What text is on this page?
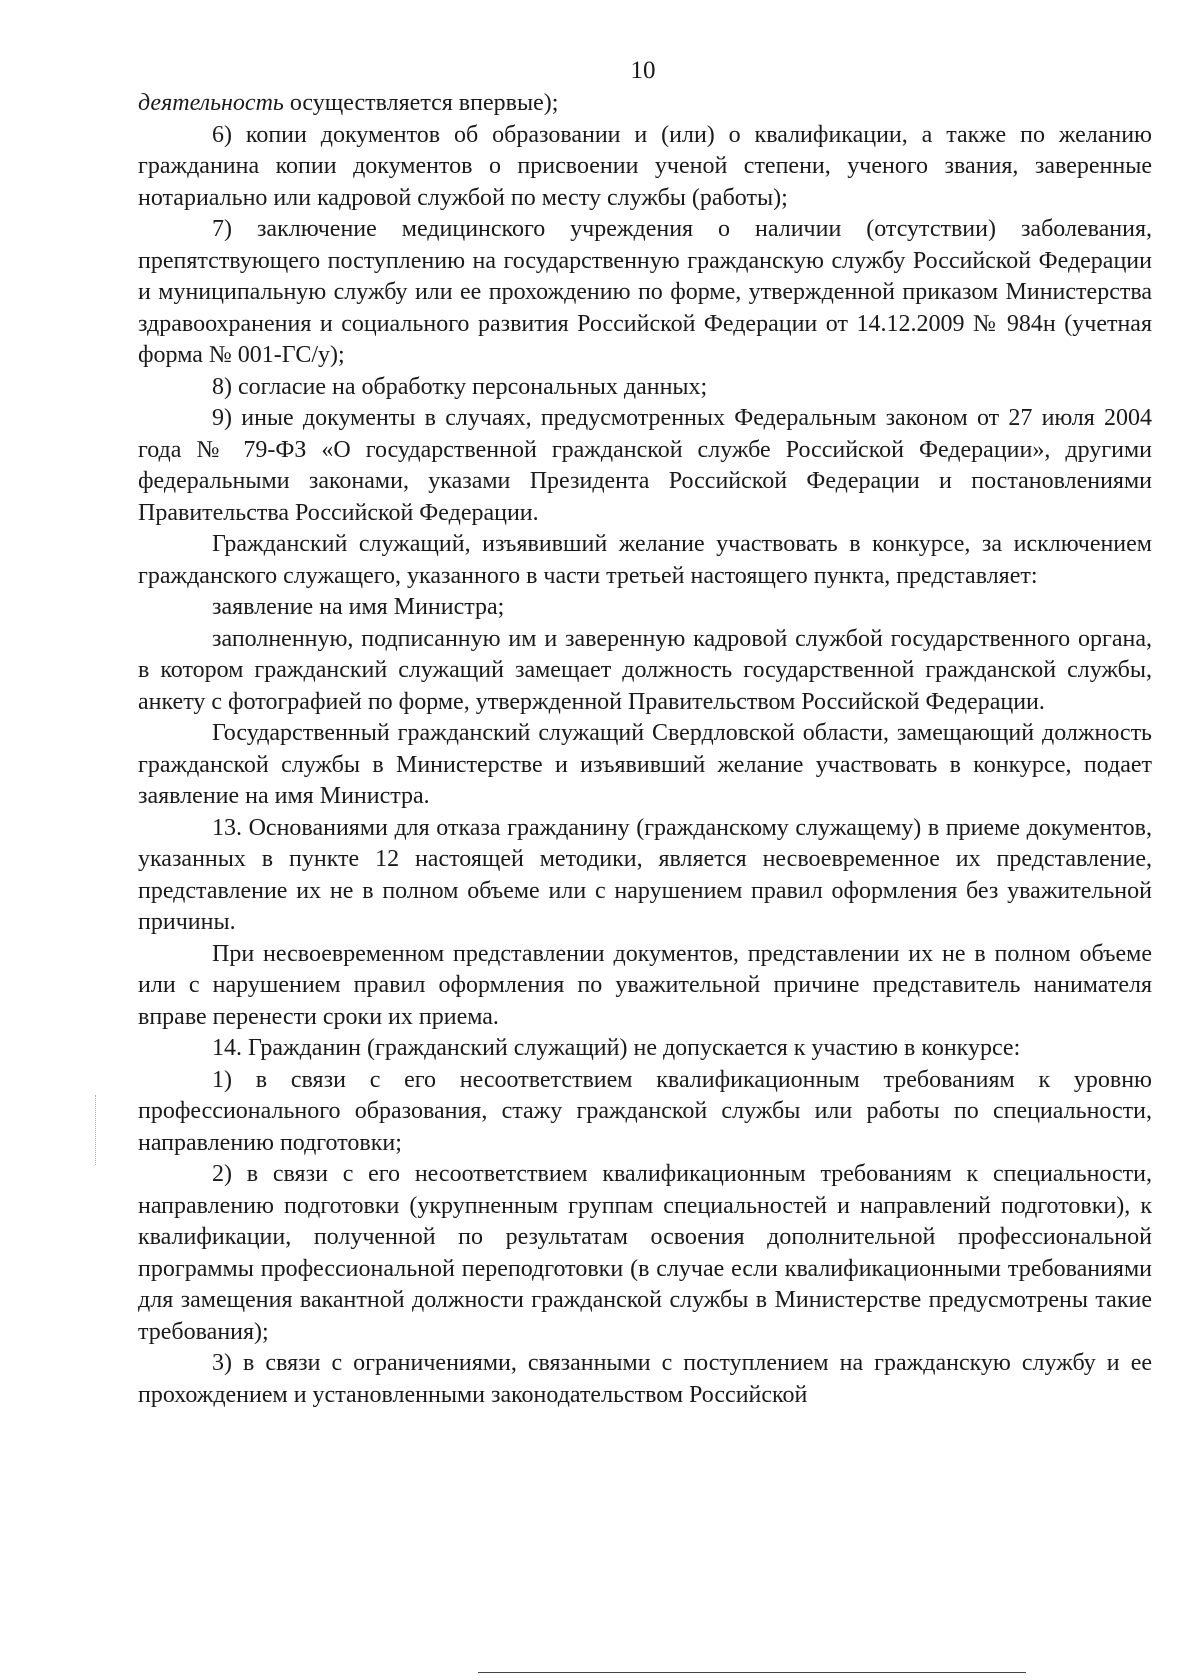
10

деятельность осуществляется впервые);

6) копии документов об образовании и (или) о квалификации, а также по желанию гражданина копии документов о присвоении ученой степени, ученого звания, заверенные нотариально или кадровой службой по месту службы (работы);

7) заключение медицинского учреждения о наличии (отсутствии) заболевания, препятствующего поступлению на государственную гражданскую службу Российской Федерации и муниципальную службу или ее прохождению по форме, утвержденной приказом Министерства здравоохранения и социального развития Российской Федерации от 14.12.2009 № 984н (учетная форма № 001-ГС/у);

8) согласие на обработку персональных данных;

9) иные документы в случаях, предусмотренных Федеральным законом от 27 июля 2004 года № 79-ФЗ «О государственной гражданской службе Российской Федерации», другими федеральными законами, указами Президента Российской Федерации и постановлениями Правительства Российской Федерации.

Гражданский служащий, изъявивший желание участвовать в конкурсе, за исключением гражданского служащего, указанного в части третьей настоящего пункта, представляет:

заявление на имя Министра;

заполненную, подписанную им и заверенную кадровой службой государственного органа, в котором гражданский служащий замещает должность государственной гражданской службы, анкету с фотографией по форме, утвержденной Правительством Российской Федерации.

Государственный гражданский служащий Свердловской области, замещающий должность гражданской службы в Министерстве и изъявивший желание участвовать в конкурсе, подает заявление на имя Министра.

13. Основаниями для отказа гражданину (гражданскому служащему) в приеме документов, указанных в пункте 12 настоящей методики, является несвоевременное их представление, представление их не в полном объеме или с нарушением правил оформления без уважительной причины.

При несвоевременном представлении документов, представлении их не в полном объеме или с нарушением правил оформления по уважительной причине представитель нанимателя вправе перенести сроки их приема.

14. Гражданин (гражданский служащий) не допускается к участию в конкурсе:

1) в связи с его несоответствием квалификационным требованиям к уровню профессионального образования, стажу гражданской службы или работы по специальности, направлению подготовки;

2) в связи с его несоответствием квалификационным требованиям к специальности, направлению подготовки (укрупненным группам специальностей и направлений подготовки), к квалификации, полученной по результатам освоения дополнительной профессиональной программы профессиональной переподготовки (в случае если квалификационными требованиями для замещения вакантной должности гражданской службы в Министерстве предусмотрены такие требования);

3) в связи с ограничениями, связанными с поступлением на гражданскую службу и ее прохождением и установленными законодательством Российской
